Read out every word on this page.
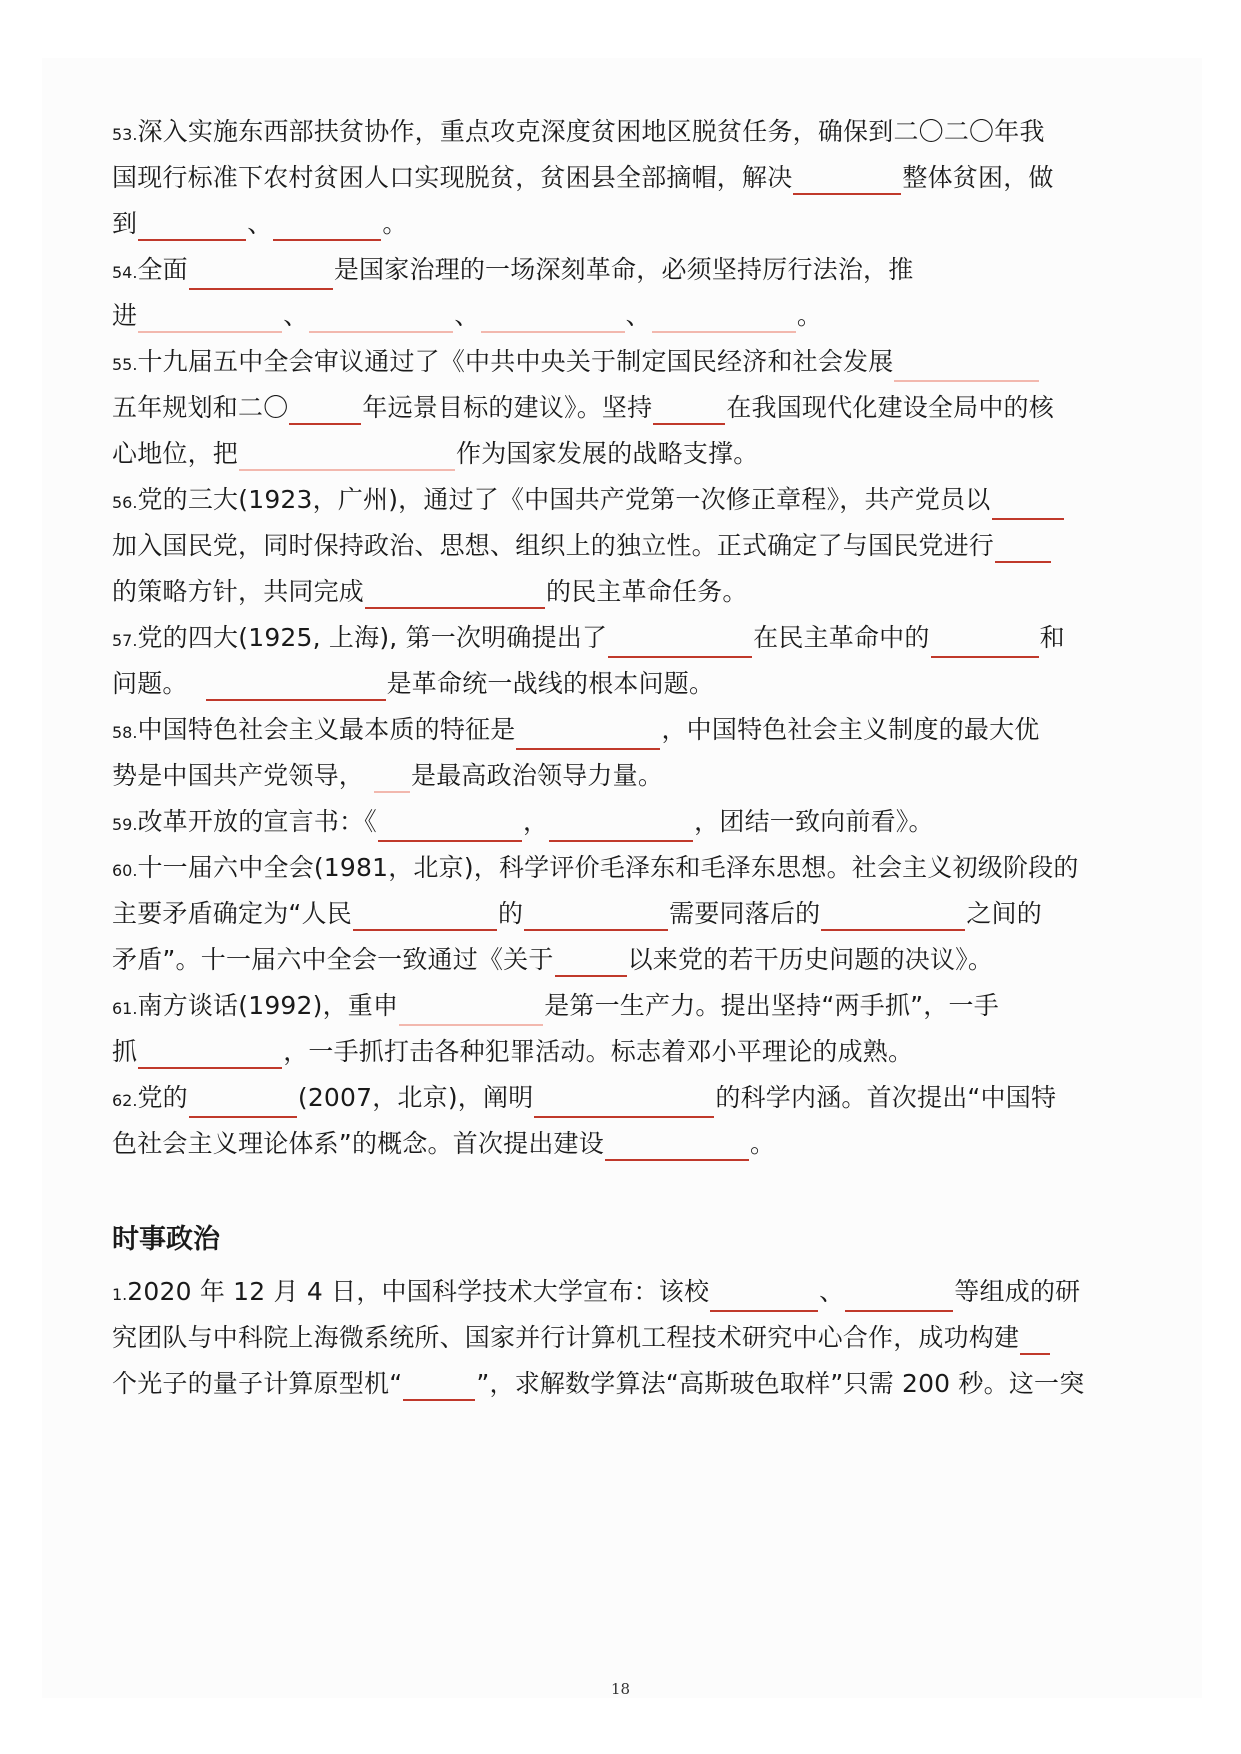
53.深入实施东西部扶贫协作，重点攻克深度贫困地区脱贫任务，确保到二〇二〇年我
国现行标准下农村贫困人口实现脱贫，贫困县全部摘帽，解决	整体贫困，做
到	、	。
54.全面	是国家治理的一场深刻革命，必须坚持厉行法治，推
进	、	、	、	。
55.十九届五中全会审议通过了《中共中央关于制定国民经济和社会发展
五年规划和二〇	年远景目标的建议》。坚持	在我国现代化建设全局中的核
心地位，把	作为国家发展的战略支撑。
56.党的三大(1923，广州)，通过了《中国共产党第一次修正章程》，共产党员以
加入国民党，同时保持政治、思想、组织上的独立性。正式确定了与国民党进行
的策略方针，共同完成	的民主革命任务。
57.党的四大(1925, 上海), 第一次明确提出了	在民主革命中的	和
问题。	是革命统一战线的根本问题。
58.中国特色社会主义最本质的特征是	，中国特色社会主义制度的最大优
势是中国共产党领导， 是最高政治领导力量。
59.改革开放的宣言书：《	，	，团结一致向前看》。
60.十一届六中全会(1981，北京)，科学评价毛泽东和毛泽东思想。社会主义初级阶段的
主要矛盾确定为“人民	的	需要同落后的	之间的
矛盾”。十一届六中全会一致通过《关于	以来党的若干历史问题的决议》。
61.南方谈话(1992)，重申	是第一生产力。提出坚持“两手抓”，一手
抓	，一手抓打击各种犯罪活动。标志着邓小平理论的成熟。
62.党的	(2007，北京)，阐明	的科学内涵。首次提出“中国特
色社会主义理论体系”的概念。首次提出建设	。
时事政治
1.2020 年 12 月 4 日，中国科学技术大学宣布：该校	、	等组成的研
究团队与中科院上海微系统所、国家并行计算机工程技术研究中心合作，成功构建
个光子的量子计算原型机“	”，求解数学算法“高斯玻色取样”只需 200 秒。这一突
18
